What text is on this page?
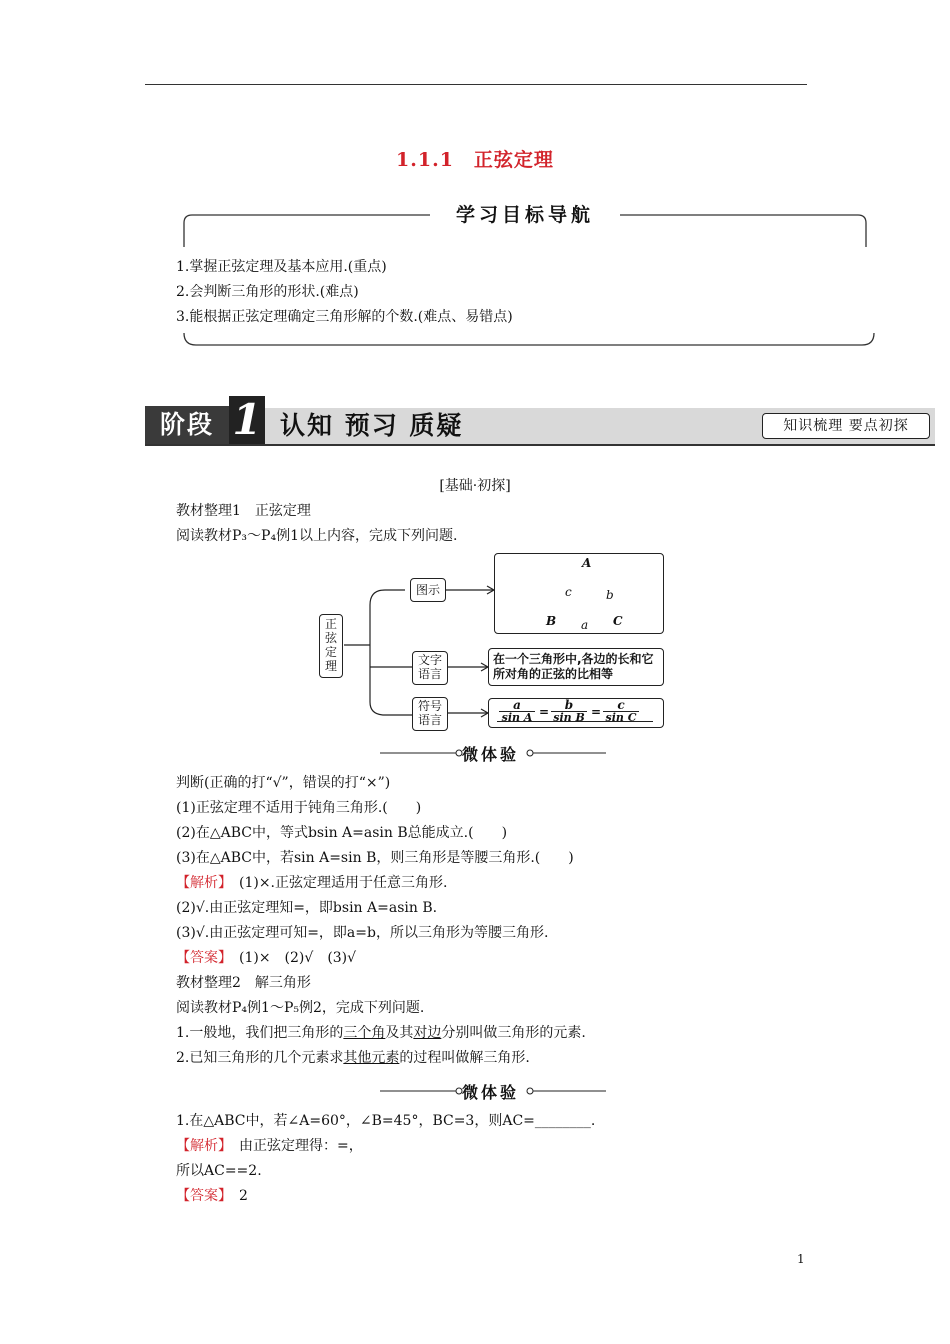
1.1.1　正弦定理
学习目标导航
1.掌握正弦定理及基本应用.(重点)
2.会判断三角形的形状.(难点)
3.能根据正弦定理确定三角形解的个数.(难点、易错点)
阶段 1 认知 预习 质疑	知识梳理 要点初探
[基础·初探]
教材整理1　正弦定理
阅读教材P₃～P₄例1以上内容，完成下列问题.
正弦定理
图示
A
B	C
c	b
a
文字
语言
在一个三角形中,各边的长和它
所对角的正弦的比相等
符号
语言	$\frac{a}{\text{sin A}} = \frac{b}{\text{sin B}} = \frac{c}{\text{sin C}}$
微体验
判断(正确的打“√”，错误的打“×”)
(1)正弦定理不适用于钝角三角形.(　　)
(2)在△ABC中，等式bsin A=asin B总能成立.(　　)
(3)在△ABC中，若sin A=sin B，则三角形是等腰三角形.(　　)
【解析】　(1)×.正弦定理适用于任意三角形.
(2)√.由正弦定理知=，即bsin A=asin B.
(3)√.由正弦定理可知=，即a=b，所以三角形为等腰三角形.
【答案】　(1)×　(2)√　(3)√
教材整理2　解三角形
阅读教材P₄例1～P₅例2，完成下列问题.
1.一般地，我们把三角形的三个角及其对边分别叫做三角形的元素.
2.已知三角形的几个元素求其他元素的过程叫做解三角形.
微体验
1.在△ABC中，若∠A=60°，∠B=45°，BC=3，则AC=________.
【解析】　由正弦定理得：=，
所以AC==2.
【答案】　2
1
